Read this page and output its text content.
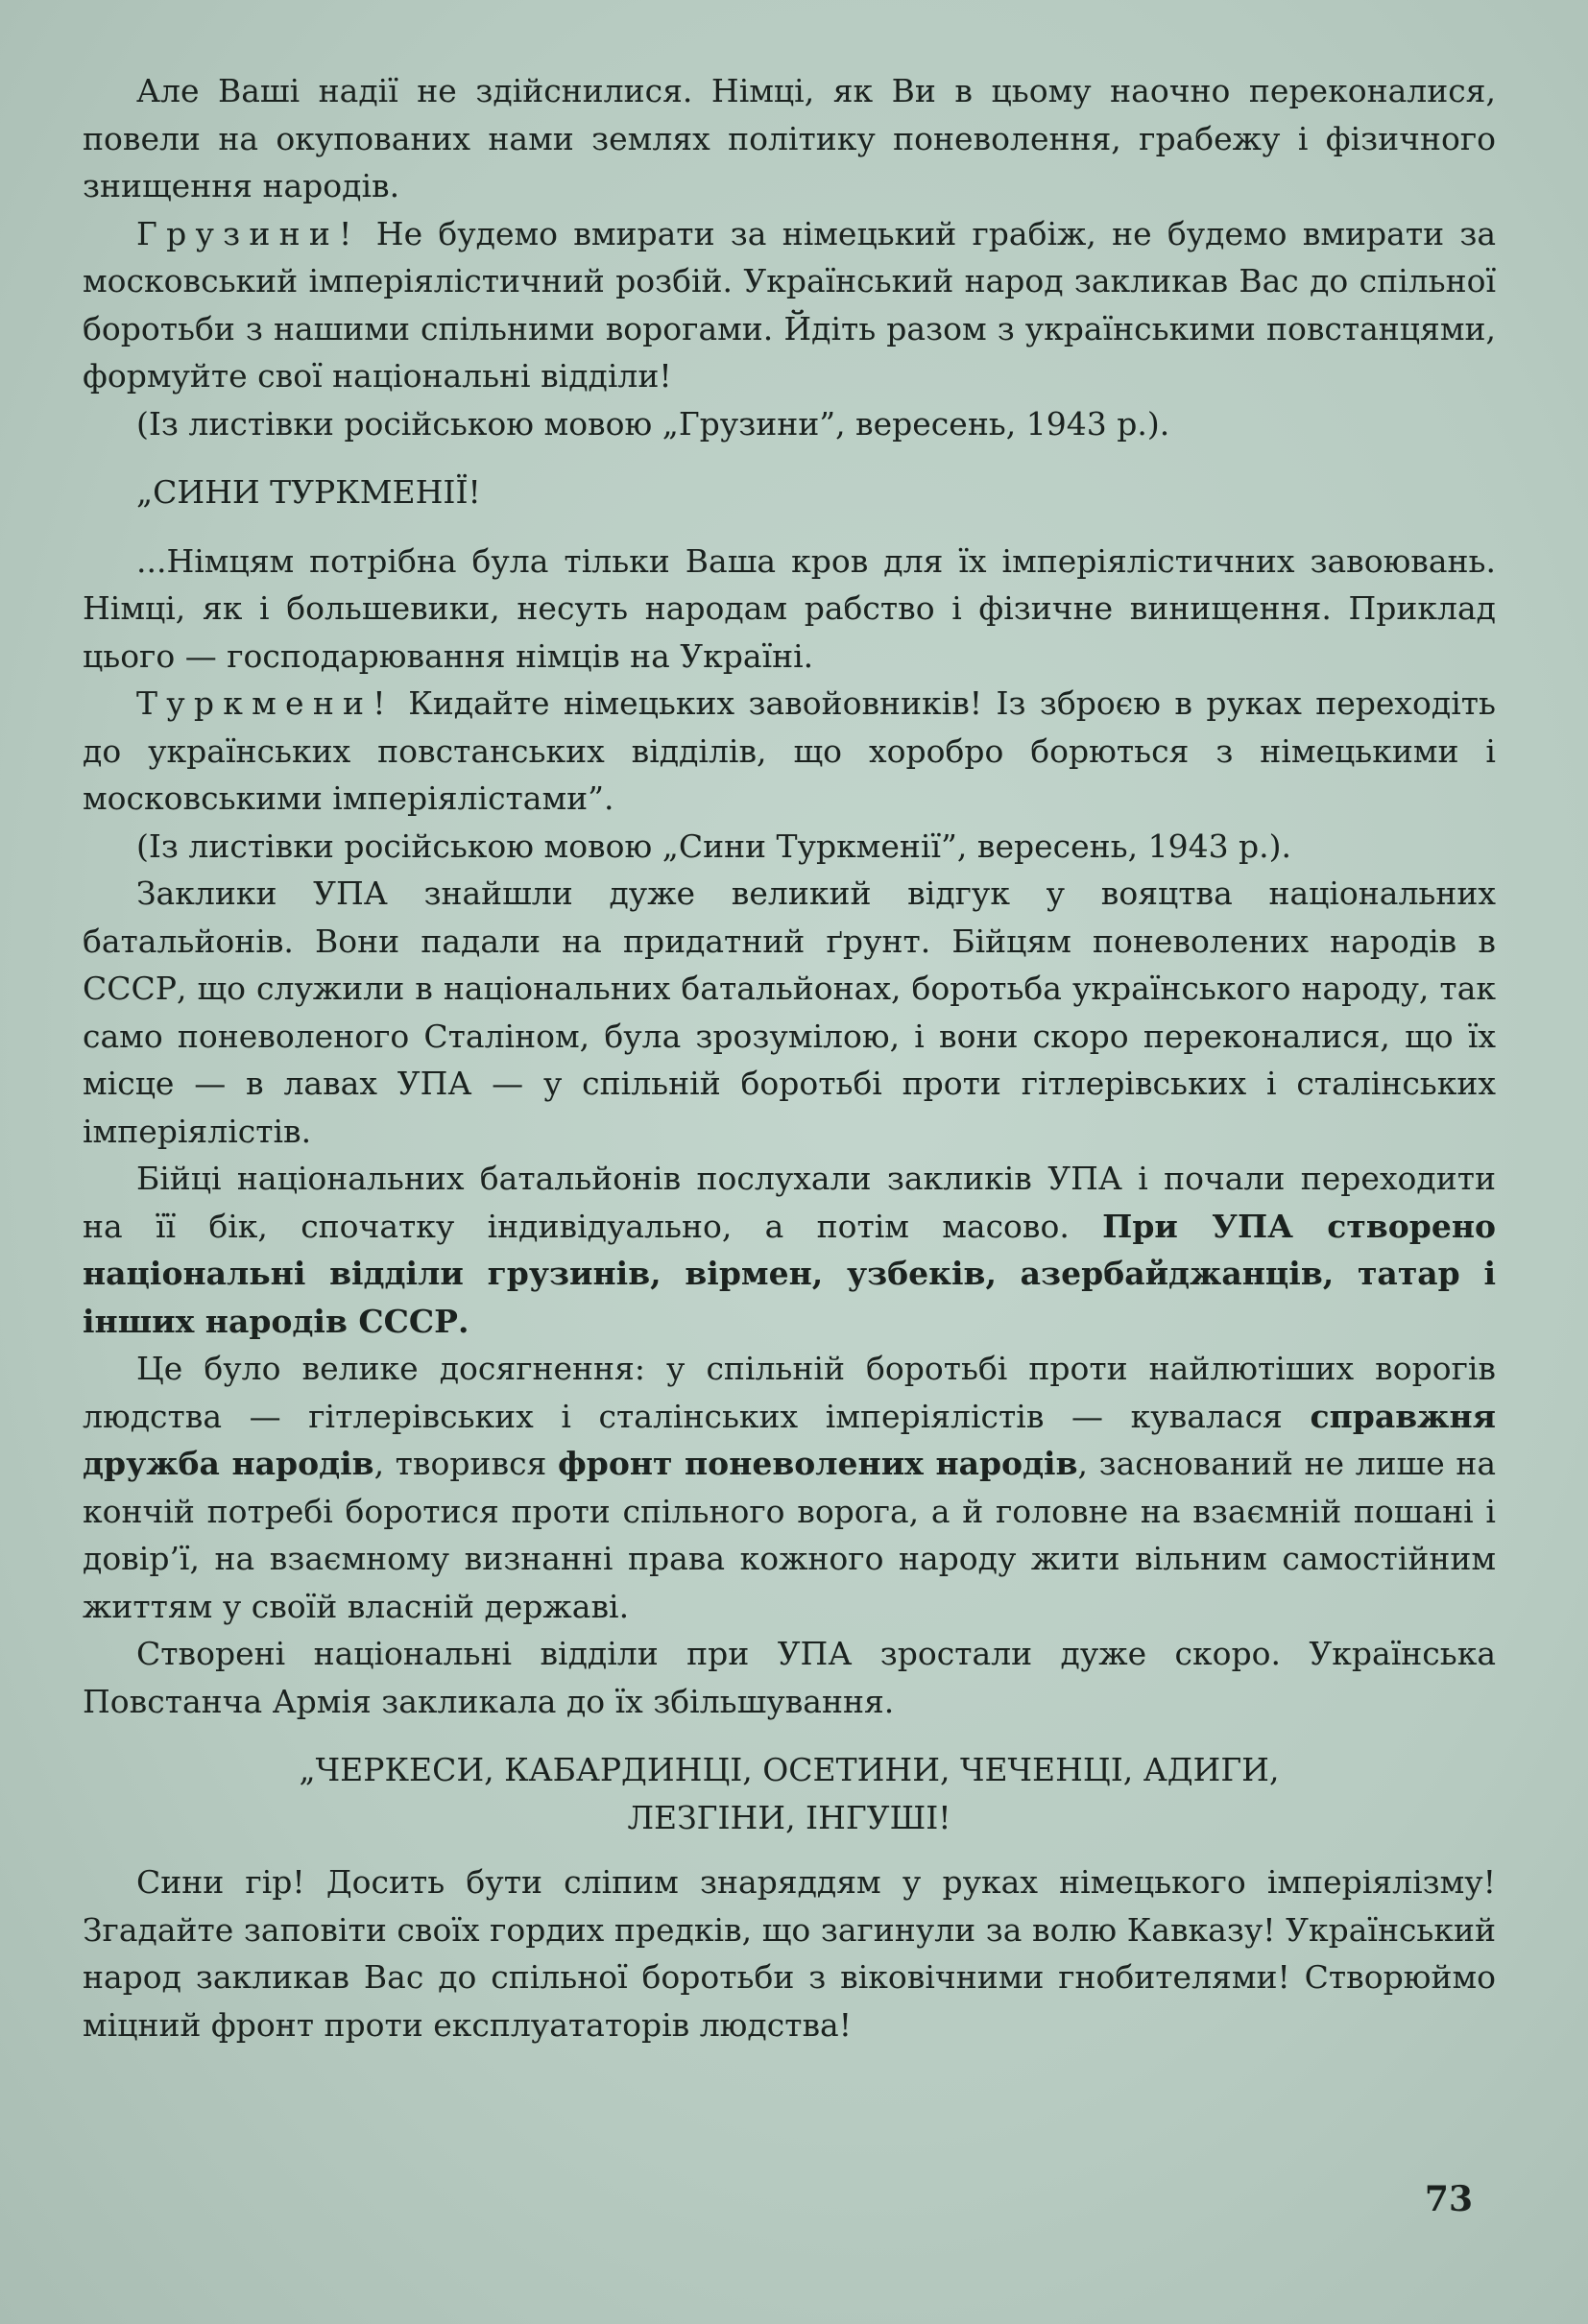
Але Ваші надії не здійснилися. Німці, як Ви в цьому наочно переконалися, повели на окупованих нами землях політику поневолення, грабежу і фізичного знищення народів.

Грузини! Не будемо вмирати за німецький грабіж, не будемо вмирати за московський імперіялістичний розбій. Український народ закликав Вас до спільної боротьби з нашими спільними ворогами. Йдіть разом з українськими повстанцями, формуйте свої національні відділи!

(Із листівки російською мовою „Грузини”, вересень, 1943 р.).

„СИНИ ТУРКМЕНІЇ!

...Німцям потрібна була тільки Ваша кров для їх імперіялістичних завоювань. Німці, як і большевики, несуть народам рабство і фізичне винищення. Приклад цього — господарювання німців на Україні.

Туркмени! Кидайте німецьких завойовників! Із зброєю в руках переходіть до українських повстанських відділів, що хоробро борються з німецькими і московськими імперіялістами”.

(Із листівки російською мовою „Сини Туркменії”, вересень, 1943 р.).

Заклики УПА знайшли дуже великий відгук у вояцтва національних батальйонів. Вони падали на придатний ґрунт. Бійцям поневолених народів в СССР, що служили в національних батальйонах, боротьба українського народу, так само поневоленого Сталіном, була зрозумілою, і вони скоро переконалися, що їх місце — в лавах УПА — у спільній боротьбі проти гітлерівських і сталінських імперіялістів.

Бійці національних батальйонів послухали закликів УПА і почали переходити на її бік, спочатку індивідуально, а потім масово. При УПА створено національні відділи грузинів, вірмен, узбеків, азербайджанців, татар і інших народів СССР.

Це було велике досягнення: у спільній боротьбі проти найлютіших ворогів людства — гітлерівських і сталінських імперіялістів — кувалася справжня дружба народів, творився фронт поневолених народів, заснований не лише на кончій потребі боротися проти спільного ворога, а й головне на взаємній пошані і довір’ї, на взаємному визнанні права кожного народу жити вільним самостійним життям у своїй власній державі.

Створені національні відділи при УПА зростали дуже скоро. Українська Повстанча Армія закликала до їх збільшування.

„ЧЕРКЕСИ, КАБАРДИНЦІ, ОСЕТИНИ, ЧЕЧЕНЦІ, АДИГИ,
ЛЕЗГІНИ, ІНГУШІ!

Сини гір! Досить бути сліпим знаряддям у руках німецького імперіялізму! Згадайте заповіти своїх гордих предків, що загинули за волю Кавказу! Український народ закликав Вас до спільної боротьби з віковічними гнобителями! Створюймо міцний фронт проти експлуататорів людства!

73
